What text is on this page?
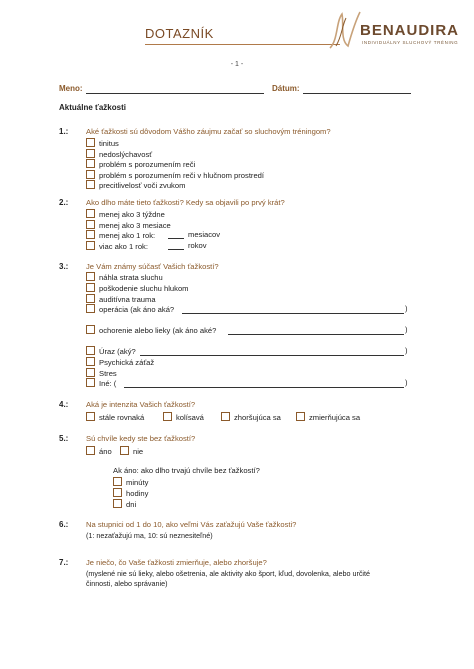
DOTAZNÍK	BENAUDIRA
INDIVIDUÁLNY SLUCHOVÝ TRÉNING
- 1 -
Meno:	Dátum:
Aktuálne ťažkosti
1.: Aké ťažkosti sú dôvodom Vášho záujmu začať so sluchovým tréningom?
tinitus
nedoslýchavosť
problém s porozumením reči
problém s porozumením reči v hlučnom prostredí
precitlivelosť voči zvukom
2.: Ako dlho máte tieto ťažkosti? Kedy sa objavili po prvý krát?
menej ako 3 týždne
menej ako 3 mesiace
menej ako 1 rok:	mesiacov
viac ako 1 rok:	rokov
3.: Je Vám známy súčasť Vašich ťažkostí?
náhla strata sluchu
poškodenie sluchu hlukom
auditívna trauma
operácia (ak áno aká?	)
ochorenie alebo lieky (ak áno aké?	)
Úraz (aký?	)
Psychická záťaž
Stres
Iné: (	)
4.: Aká je intenzita Vašich ťažkostí?
stále rovnaká	kolísavá	zhoršujúca sa	zmierňujúca sa
5.: Sú chvíle kedy ste bez ťažkostí?
áno	nie
Ak áno: ako dlho trvajú chvíle bez ťažkostí?
minúty
hodiny
dni
6.: Na stupnici od 1 do 10, ako veľmi Vás zaťažujú Vaše ťažkosti?
(1: nezaťažujú ma, 10: sú neznesiteľné)
7.: Je niečo, čo Vaše ťažkosti zmierňuje, alebo zhoršuje?
(myslené nie sú lieky, alebo ošetrenia, ale aktivity ako šport, kľud, dovolenka, alebo určité
činnosti, alebo správanie)
